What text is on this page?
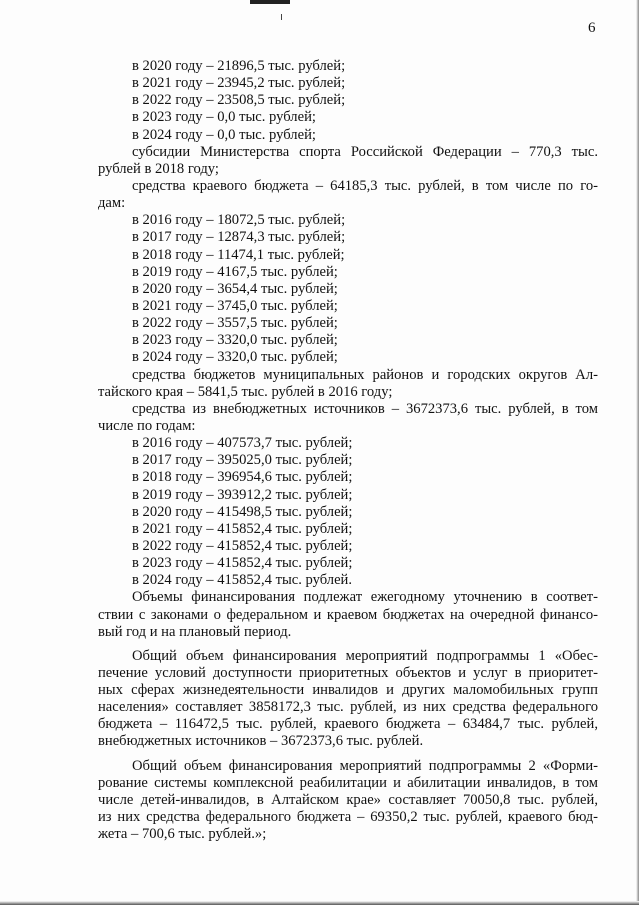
6
в 2020 году – 21896,5 тыс. рублей;
в 2021 году – 23945,2 тыс. рублей;
в 2022 году – 23508,5 тыс. рублей;
в 2023 году – 0,0 тыс. рублей;
в 2024 году – 0,0 тыс. рублей;
субсидии Министерства спорта Российской Федерации – 770,3 тыс.
рублей в 2018 году;
средства краевого бюджета – 64185,3 тыс. рублей, в том числе по го-
дам:
в 2016 году – 18072,5 тыс. рублей;
в 2017 году – 12874,3 тыс. рублей;
в 2018 году – 11474,1 тыс. рублей;
в 2019 году – 4167,5 тыс. рублей;
в 2020 году – 3654,4 тыс. рублей;
в 2021 году – 3745,0 тыс. рублей;
в 2022 году – 3557,5 тыс. рублей;
в 2023 году – 3320,0 тыс. рублей;
в 2024 году – 3320,0 тыс. рублей;
средства бюджетов муниципальных районов и городских округов Ал-
тайского края – 5841,5 тыс. рублей в 2016 году;
средства из внебюджетных источников – 3672373,6 тыс. рублей, в том
числе по годам:
в 2016 году – 407573,7 тыс. рублей;
в 2017 году – 395025,0 тыс. рублей;
в 2018 году – 396954,6 тыс. рублей;
в 2019 году – 393912,2 тыс. рублей;
в 2020 году – 415498,5 тыс. рублей;
в 2021 году – 415852,4 тыс. рублей;
в 2022 году – 415852,4 тыс. рублей;
в 2023 году – 415852,4 тыс. рублей;
в 2024 году – 415852,4 тыс. рублей.
Объемы финансирования подлежат ежегодному уточнению в соответ-
ствии с законами о федеральном и краевом бюджетах на очередной финансо-
вый год и на плановый период.
Общий объем финансирования мероприятий подпрограммы 1 «Обес-
печение условий доступности приоритетных объектов и услуг в приоритет-
ных сферах жизнедеятельности инвалидов и других маломобильных групп
населения» составляет 3858172,3 тыс. рублей, из них средства федерального
бюджета – 116472,5 тыс. рублей, краевого бюджета – 63484,7 тыс. рублей,
внебюджетных источников – 3672373,6 тыс. рублей.
Общий объем финансирования мероприятий подпрограммы 2 «Форми-
рование системы комплексной реабилитации и абилитации инвалидов, в том
числе детей-инвалидов, в Алтайском крае» составляет 70050,8 тыс. рублей,
из них средства федерального бюджета – 69350,2 тыс. рублей, краевого бюд-
жета – 700,6 тыс. рублей.»;
